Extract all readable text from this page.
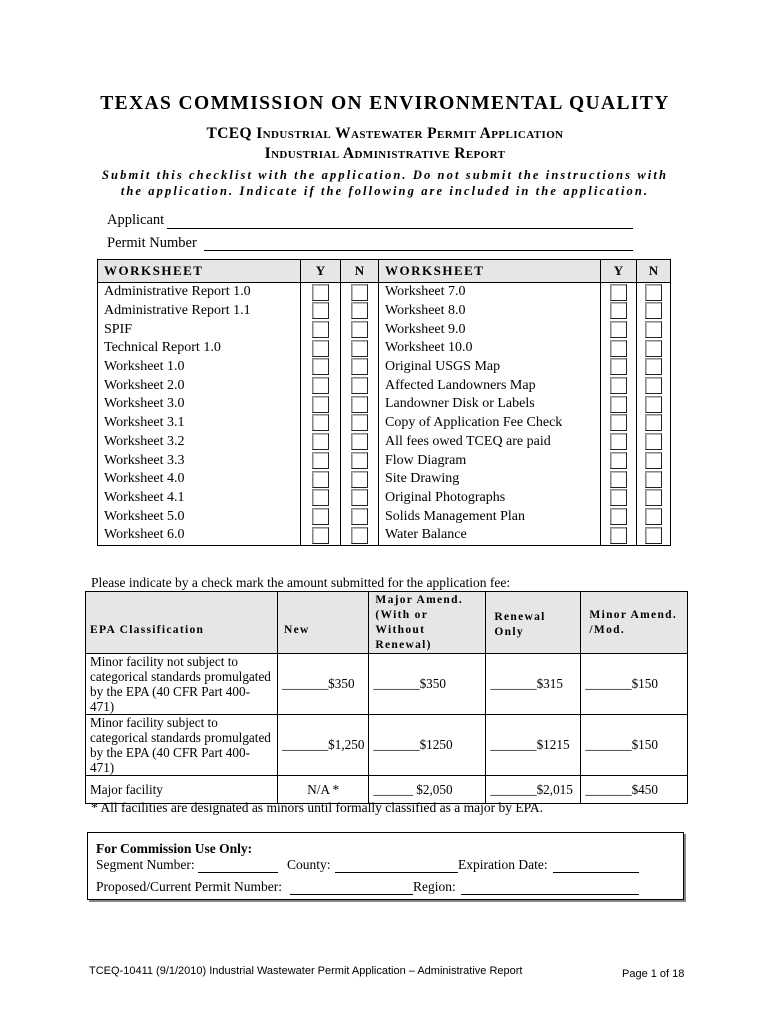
TEXAS COMMISSION ON ENVIRONMENTAL QUALITY
TCEQ Industrial Wastewater Permit Application
Industrial Administrative Report
Submit this checklist with the application. Do not submit the instructions with
the application. Indicate if the following are included in the application.
Applicant
Permit Number
WORKSHEET	Y	N	WORKSHEET	Y	N
Administrative Report 1.0			Worksheet 7.0		
Administrative Report 1.1			Worksheet 8.0		
SPIF			Worksheet 9.0		
Technical Report 1.0			Worksheet 10.0		
Worksheet 1.0			Original USGS Map		
Worksheet 2.0			Affected Landowners Map		
Worksheet 3.0			Landowner Disk or Labels		
Worksheet 3.1			Copy of Application Fee Check		
Worksheet 3.2			All fees owed TCEQ are paid		
Worksheet 3.3			Flow Diagram		
Worksheet 4.0			Site Drawing		
Worksheet 4.1			Original Photographs		
Worksheet 5.0			Solids Management Plan		
Worksheet 6.0			Water Balance		
Please indicate by a check mark the amount submitted for the application fee:
EPA Classification	New	Major Amend. (With or Without Renewal)	Renewal Only	Minor Amend. /Mod.
Minor facility not subject to categorical standards promulgated by the EPA (40 CFR Part 400-471)	_______$350	_______$350	_______$315	_______$150
Minor facility subject to categorical standards promulgated by the EPA (40 CFR Part 400-471)	_______$1,250	_______$1250	_______$1215	_______$150
Major facility	N/A *	______ $2,050	_______$2,015	_______$450
* All facilities are designated as minors until formally classified as a major by EPA.
For Commission Use Only:
Segment Number:	County:	Expiration Date:
Proposed/Current Permit Number:	Region:
TCEQ-10411 (9/1/2010) Industrial Wastewater Permit Application – Administrative Report	Page 1 of 18
